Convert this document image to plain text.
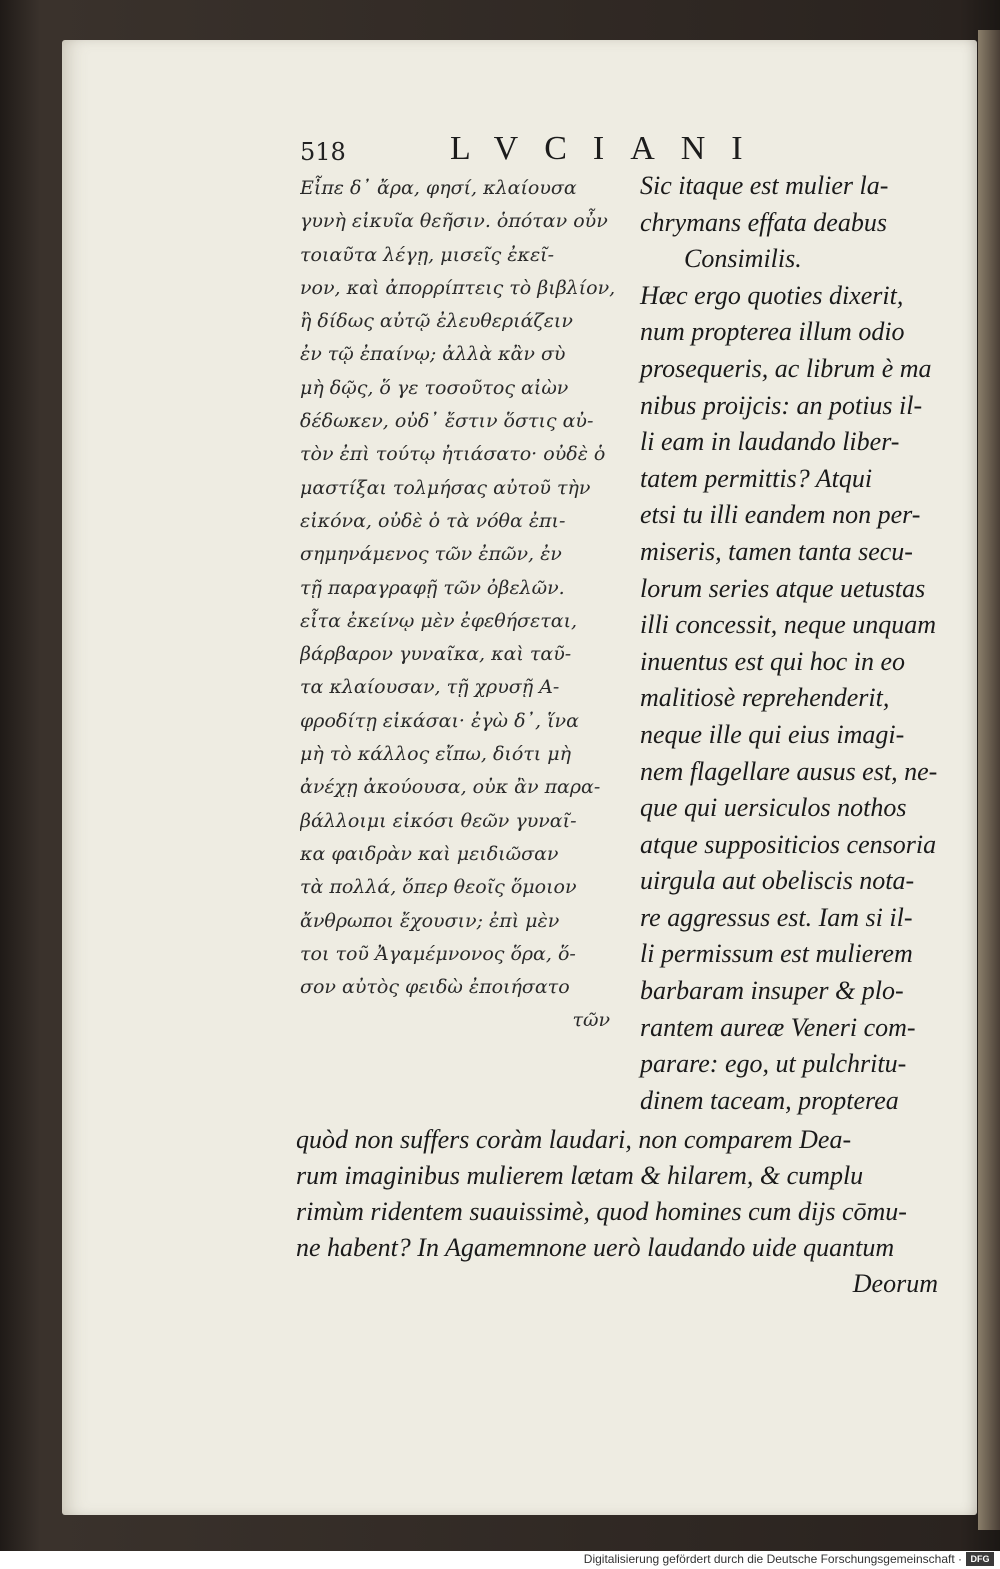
518	LVCIANI
Εἶπε δ᾽ ἄρα, φησί, κλαίουσα
γυνὴ εἰκυῖα θεῆσιν. ὁπόταν οὖν
τοιαῦτα λέγῃ, μισεῖς ἐκεῖ-
νον, καὶ ἀπορρίπτεις τὸ βιβλίον,
ἢ δίδως αὐτῷ ἐλευθεριάζειν
ἐν τῷ ἐπαίνῳ; ἀλλὰ κἂν σὺ
μὴ δῷς, ὅ γε τοσοῦτος αἰὼν
δέδωκεν, οὐδ᾽ ἔστιν ὅστις αὐ-
τὸν ἐπὶ τούτῳ ἠτιάσατο· οὐδὲ ὁ
μαστίξαι τολμήσας αὐτοῦ τὴν
εἰκόνα, οὐδὲ ὁ τὰ νόθα ἐπι-
σημηνάμενος τῶν ἐπῶν, ἐν
τῇ παραγραφῇ τῶν ὀβελῶν.
εἶτα ἐκείνῳ μὲν ἐφεθήσεται,
βάρβαρον γυναῖκα, καὶ ταῦ-
τα κλαίουσαν, τῇ χρυσῇ Α-
φροδίτῃ εἰκάσαι· ἐγὼ δ᾽, ἵνα
μὴ τὸ κάλλος εἴπω, διότι μὴ
ἀνέχῃ ἀκούουσα, οὐκ ἂν παρα-
βάλλοιμι εἰκόσι θεῶν γυναῖ-
κα φαιδρὰν καὶ μειδιῶσαν
τὰ πολλά, ὅπερ θεοῖς ὅμοιον
ἄνθρωποι ἔχουσιν; ἐπὶ μὲν
τοι τοῦ Ἀγαμέμνονος ὅρα, ὅ-
σον αὐτὸς φειδὼ ἐποιήσατο
τῶν
Sic itaque est mulier la-
chrymans effata deabus
Consimilis.
Hæc ergo quoties dixerit,
num propterea illum odio
prosequeris, ac librum è ma
nibus proijcis: an potius il-
li eam in laudando liber-
tatem permittis? Atqui
etsi tu illi eandem non per-
miseris, tamen tanta secu-
lorum series atque uetustas
illi concessit, neque unquam
inuentus est qui hoc in eo
malitiosè reprehenderit,
neque ille qui eius imagi-
nem flagellare ausus est, ne-
que qui uersiculos nothos
atque suppositicios censoria
uirgula aut obeliscis nota-
re aggressus est. Iam si il-
li permissum est mulierem
barbaram insuper & plo-
rantem aureæ Veneri com-
parare: ego, ut pulchritu-
dinem taceam, propterea
quòd non suffers coràm laudari, non comparem Dea-
rum imaginibus mulierem lætam & hilarem, & cumplu
rimùm ridentem suauissimè, quod homines cum dijs cōmu-
ne habent? In Agamemnone uerò laudando uide quantum
Deorum
Digitalisierung gefördert durch die Deutsche Forschungsgemeinschaft · DFG
